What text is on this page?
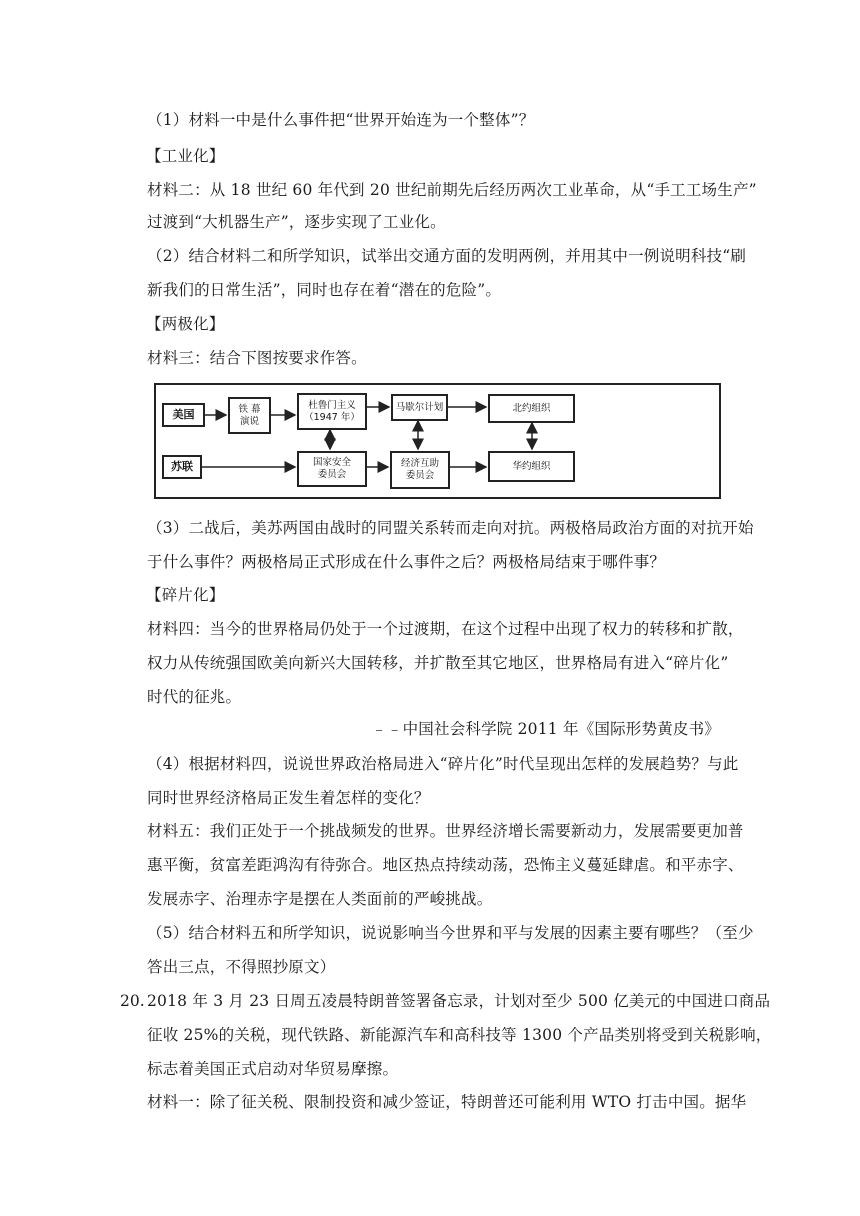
（1）材料一中是什么事件把“世界开始连为一个整体”？
【工业化】
材料二：从 18 世纪 60 年代到 20 世纪前期先后经历两次工业革命，从“手工工场生产”
过渡到“大机器生产”，逐步实现了工业化。
（2）结合材料二和所学知识，试举出交通方面的发明两例，并用其中一例说明科技“刷
新我们的日常生活”，同时也存在着“潜在的危险”。
【两极化】
材料三：结合下图按要求作答。
美国	铁 幕
演说
杜鲁门主义
（1947 年）
马歇尔计划	北约组织
苏联	国家安全
委员会
经济互助
委员会
华约组织
（3）二战后，美苏两国由战时的同盟关系转而走向对抗。两极格局政治方面的对抗开始
于什么事件？两极格局正式形成在什么事件之后？两极格局结束于哪件事？
【碎片化】
材料四：当今的世界格局仍处于一个过渡期，在这个过程中出现了权力的转移和扩散，
权力从传统强国欧美向新兴大国转移，并扩散至其它地区，世界格局有进入“碎片化”
时代的征兆。
﹣﹣中国社会科学院 2011 年《国际形势黄皮书》
（4）根据材料四，说说世界政治格局进入“碎片化”时代呈现出怎样的发展趋势？与此
同时世界经济格局正发生着怎样的变化？
材料五：我们正处于一个挑战频发的世界。世界经济增长需要新动力，发展需要更加普
惠平衡，贫富差距鸿沟有待弥合。地区热点持续动荡，恐怖主义蔓延肆虐。和平赤字、
发展赤字、治理赤字是摆在人类面前的严峻挑战。
（5）结合材料五和所学知识，说说影响当今世界和平与发展的因素主要有哪些？（至少
答出三点，不得照抄原文）
20. 2018 年 3 月 23 日周五凌晨特朗普签署备忘录，计划对至少 500 亿美元的中国进口商品
征收 25%的关税，现代铁路、新能源汽车和高科技等 1300 个产品类别将受到关税影响，
标志着美国正式启动对华贸易摩擦。
材料一：除了征关税、限制投资和减少签证，特朗普还可能利用 WTO 打击中国。据华
